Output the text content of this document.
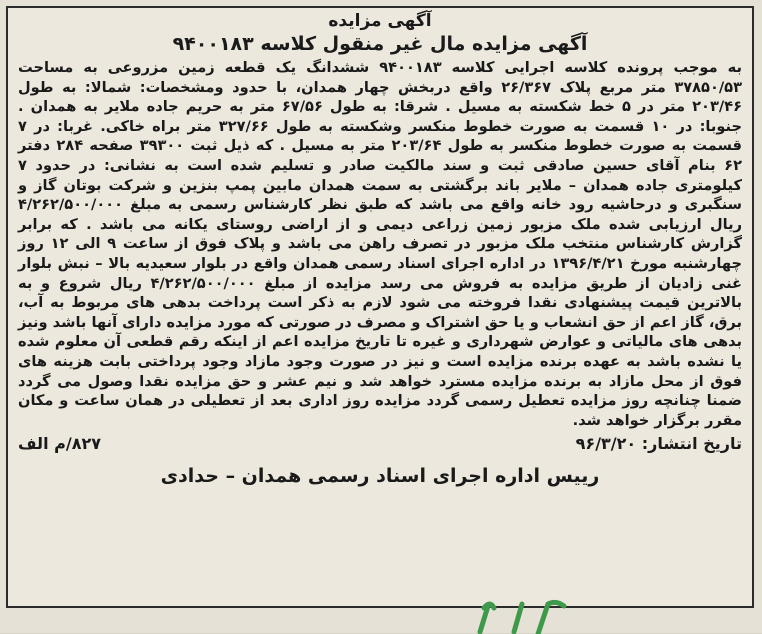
آگهی مزایده
آگهی مزایده مال غیر منقول کلاسه ۹۴۰۰۱۸۳
به موجب پرونده کلاسه اجرایی کلاسه ۹۴۰۰۱۸۳ ششدانگ یک قطعه زمین مزروعی به مساحت ۳۷۸۵۰/۵۳ متر مربع پلاک ۲۶/۳۶۷ واقع دربخش چهار همدان، با حدود ومشخصات: شمالا: به طول ۲۰۳/۴۶ متر در ۵ خط شکسته به مسیل . شرقا: به طول ۶۷/۵۶ متر به حریم جاده ملایر به همدان . جنوبا: در ۱۰ قسمت به صورت خطوط منکسر وشکسته به طول ۳۲۷/۶۶ متر براه خاکی. غربا: در ۷ قسمت به صورت خطوط منکسر به طول ۲۰۳/۶۴ متر به مسیل . که ذیل ثبت ۳۹۳۰۰ صفحه ۲۸۴ دفتر ۶۲ بنام آقای حسین صادقی ثبت و سند مالکیت صادر و تسلیم شده است به نشانی: در حدود ۷ کیلومتری جاده همدان – ملایر باند برگشتی به سمت همدان مابین پمپ بنزین و شرکت بوتان گاز و سنگبری و درحاشیه رود خانه واقع می باشد که طبق نظر کارشناس رسمی به مبلغ ۴/۲۶۲/۵۰۰/۰۰۰ ریال ارزیابی شده ملک مزبور زمین زراعی دیمی و از اراضی روستای یکانه می باشد . که برابر گزارش کارشناس منتخب ملک مزبور در تصرف راهن می باشد و پلاک فوق از ساعت ۹ الی ۱۲ روز چهارشنبه مورخ ۱۳۹۶/۴/۲۱ در اداره اجرای اسناد رسمی همدان واقع در بلوار سعیدیه بالا – نبش بلوار غنی زادیان از طریق مزایده به فروش می رسد مزایده از مبلغ ۴/۲۶۲/۵۰۰/۰۰۰ ریال شروع و به بالاترین قیمت پیشنهادی نقدا فروخته می شود لازم به ذکر است پرداخت بدهی های مربوط به آب، برق، گاز اعم از حق انشعاب و یا حق اشتراک و مصرف در صورتی که مورد مزایده دارای آنها باشد ونیز بدهی های مالیاتی و عوارض شهرداری و غیره تا تاریخ مزایده اعم از اینکه رقم قطعی آن معلوم شده یا نشده باشد به عهده برنده مزایده است و نیز در صورت وجود مازاد وجود پرداختی بابت هزینه های فوق از محل مازاد به برنده مزایده مسترد خواهد شد و نیم عشر و حق مزایده نقدا وصول می گردد ضمنا چنانچه روز مزایده تعطیل رسمی گردد مزایده روز اداری بعد از تعطیلی در همان ساعت و مکان مقرر برگزار خواهد شد.
تاریخ انتشار: ۹۶/۳/۲۰
۸۲۷/م الف
رییس اداره اجرای اسناد رسمی همدان – حدادی
